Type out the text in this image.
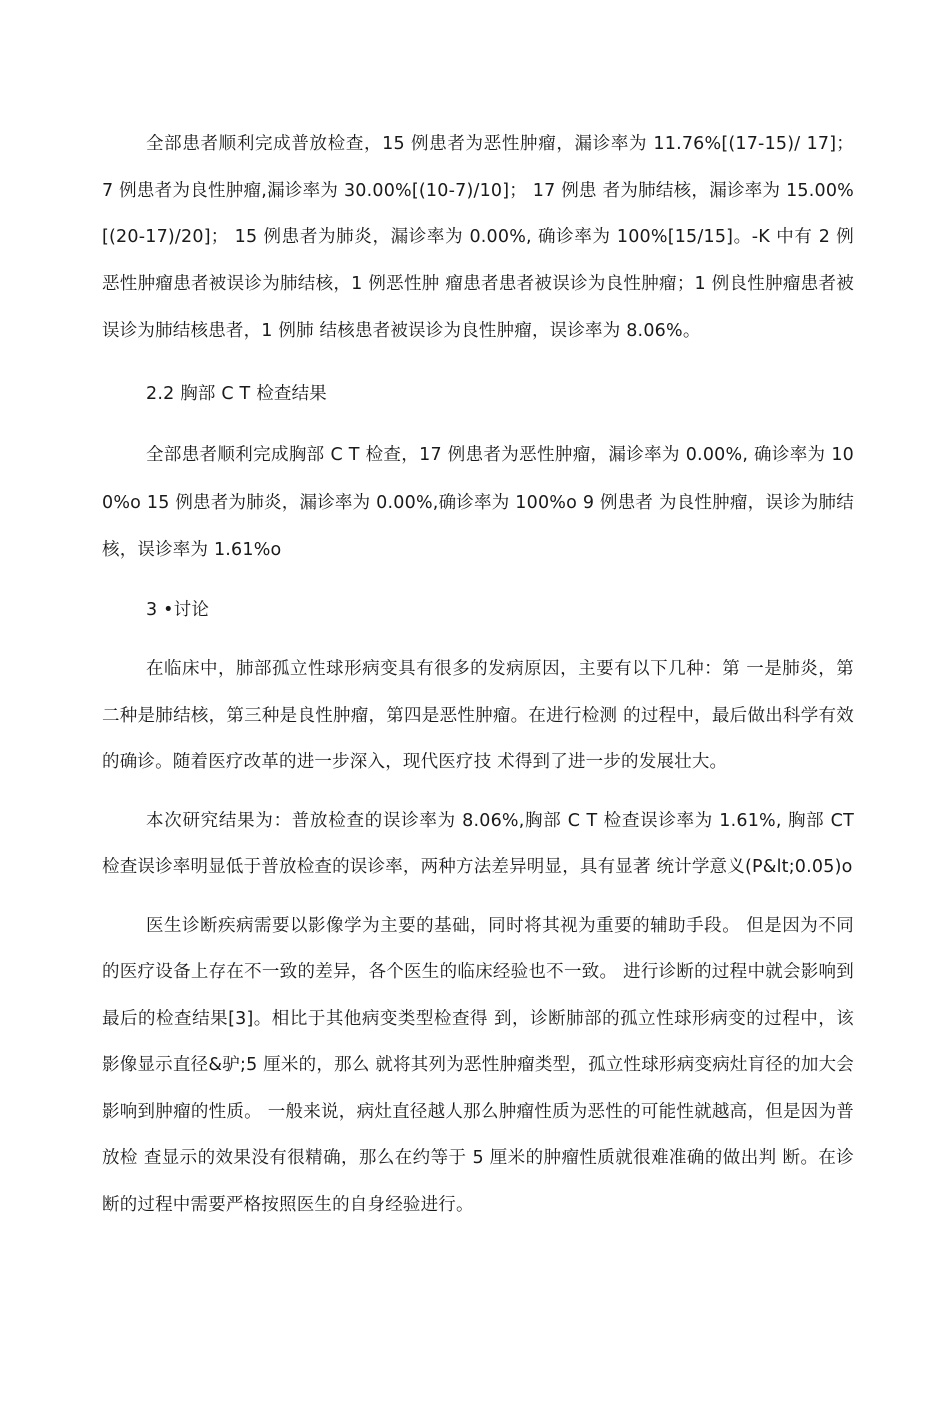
全部患者顺利完成普放检查，15 例患者为恶性肿瘤，漏诊率为 11.76%[(17-15)/ 17]； 7 例患者为良性肿瘤,漏诊率为 30.00%[(10-7)/10]； 17 例患 者为肺结核，漏诊率为 15.00%[(20-17)/20]； 15 例患者为肺炎，漏诊率为 0.00%, 确诊率为 100%[15/15]。-K 中有 2 例恶性肿瘤患者被误诊为肺结核，1 例恶性肿 瘤患者患者被误诊为良性肿瘤；1 例良性肿瘤患者被误诊为肺结核患者，1 例肺 结核患者被误诊为良性肿瘤，误诊率为 8.06%。

2.2 胸部 C T 检查结果

全部患者顺利完成胸部 C T 检查，17 例患者为恶性肿瘤，漏诊率为 0.00%, 确诊率为 100%o 15 例患者为肺炎，漏诊率为 0.00%,确诊率为 100%o 9 例患者 为良性肿瘤，误诊为肺结核，误诊率为 1.61%o

3 •讨论

在临床中，肺部孤立性球形病变具有很多的发病原因，主要有以下几种：第 一是肺炎，第二种是肺结核，第三种是良性肿瘤，第四是恶性肿瘤。在进行检测 的过程中，最后做出科学有效的确诊。随着医疗改革的进一步深入，现代医疗技 术得到了进一步的发展壮大。

本次研究结果为：普放检查的误诊率为 8.06%,胸部 C T 检查误诊率为 1.61%, 胸部 CT 检查误诊率明显低于普放检查的误诊率，两种方法差异明显，具有显著 统计学意义(P&lt;0.05)o

医生诊断疾病需要以影像学为主要的基础，同时将其视为重要的辅助手段。 但是因为不同的医疗设备上存在不一致的差异，各个医生的临床经验也不一致。 进行诊断的过程中就会影响到最后的检查结果[3]。相比于其他病变类型检查得 到，诊断肺部的孤立性球形病变的过程中，该影像显示直径&驴;5 厘米的，那么 就将其列为恶性肿瘤类型，孤立性球形病变病灶肓径的加大会影响到肿瘤的性质。 一般来说，病灶直径越人那么肿瘤性质为恶性的可能性就越高，但是因为普放检 查显示的效果没有很精确，那么在约等于 5 厘米的肿瘤性质就很难准确的做出判 断。在诊断的过程中需要严格按照医生的自身经验进行。
